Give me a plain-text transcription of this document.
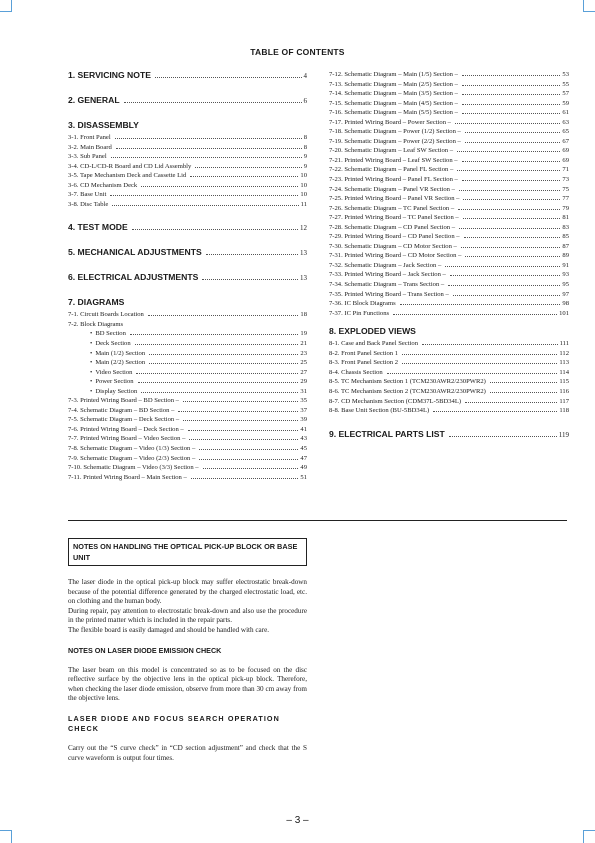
TABLE OF CONTENTS
1. SERVICING NOTE	4
2. GENERAL	6
3. DISASSEMBLY
3-1. Front Panel	8
3-2. Main Board	8
3-3. Sub Panel	9
3-4. CD-L/CD-R Board and CD Lid Assembly	9
3-5. Tape Mechanism Deck and Cassette Lid	10
3-6. CD Mechanism Deck	10
3-7. Base Unit	10
3-8. Disc Table	11
4. TEST MODE	12
5. MECHANICAL ADJUSTMENTS	13
6. ELECTRICAL ADJUSTMENTS	13
7. DIAGRAMS
7-1. Circuit Boards Location	18
7-2. Block Diagrams
• BD Section	19
• Deck Section	21
• Main (1/2) Section	23
• Main (2/2) Section	25
• Video Section	27
• Power Section	29
• Display Section	31
7-3. Printed Wiring Board – BD Section –	35
7-4. Schematic Diagram – BD Section –	37
7-5. Schematic Diagram – Deck Section –	39
7-6. Printed Wiring Board – Deck Section –	41
7-7. Printed Wiring Board – Video Section –	43
7-8. Schematic Diagram – Video (1/3) Section –	45
7-9. Schematic Diagram – Video (2/3) Section –	47
7-10. Schematic Diagram – Video (3/3) Section –	49
7-11. Printed Wiring Board – Main Section –	51
7-12. Schematic Diagram – Main (1/5) Section –	53
7-13. Schematic Diagram – Main (2/5) Section –	55
7-14. Schematic Diagram – Main (3/5) Section –	57
7-15. Schematic Diagram – Main (4/5) Section –	59
7-16. Schematic Diagram – Main (5/5) Section –	61
7-17. Printed Wiring Board – Power Section –	63
7-18. Schematic Diagram – Power (1/2) Section –	65
7-19. Schematic Diagram – Power (2/2) Section –	67
7-20. Schematic Diagram – Leaf SW Section –	69
7-21. Printed Wiring Board – Leaf SW Section –	69
7-22. Schematic Diagram – Panel FL Section –	71
7-23. Printed Wiring Board – Panel FL Section –	73
7-24. Schematic Diagram – Panel VR Section –	75
7-25. Printed Wiring Board – Panel VR Section –	77
7-26. Schematic Diagram – TC Panel Section –	79
7-27. Printed Wiring Board – TC Panel Section –	81
7-28. Schematic Diagram – CD Panel Section –	83
7-29. Printed Wiring Board – CD Panel Section –	85
7-30. Schematic Diagram – CD Motor Section –	87
7-31. Printed Wiring Board – CD Motor Section –	89
7-32. Schematic Diagram – Jack Section –	91
7-33. Printed Wiring Board – Jack Section –	93
7-34. Schematic Diagram – Trans Section –	95
7-35. Printed Wiring Board – Trans Section –	97
7-36. IC Block Diagrams	98
7-37. IC Pin Functions	101
8. EXPLODED VIEWS
8-1. Case and Back Panel Section	111
8-2. Front Panel Section 1	112
8-3. Front Panel Section 2	113
8-4. Chassis Section	114
8-5. TC Mechanism Section 1 (TCM230AWR2/230PWR2)	115
8-6. TC Mechanism Section 2 (TCM230AWR2/230PWR2)	116
8-7. CD Mechanism Section (CDM37L-5BD34L)	117
8-8. Base Unit Section (BU-5BD34L)	118
9. ELECTRICAL PARTS LIST	119
NOTES ON HANDLING THE OPTICAL PICK-UP BLOCK OR BASE UNIT

The laser diode in the optical pick-up block may suffer electrostatic break-down because of the potential difference generated by the charged electrostatic load, etc. on clothing and the human body.

During repair, pay attention to electrostatic break-down and also use the procedure in the printed matter which is included in the repair parts.

The flexible board is easily damaged and should be handled with care.

NOTES ON LASER DIODE EMISSION CHECK

The laser beam on this model is concentrated so as to be focused on the disc reflective surface by the objective lens in the optical pick-up block. Therefore, when checking the laser diode emission, observe from more than 30 cm away from the objective lens.

LASER DIODE AND FOCUS SEARCH OPERATION CHECK

Carry out the “S curve check” in “CD section adjustment” and check that the S curve waveform is output four times.

– 3 –
